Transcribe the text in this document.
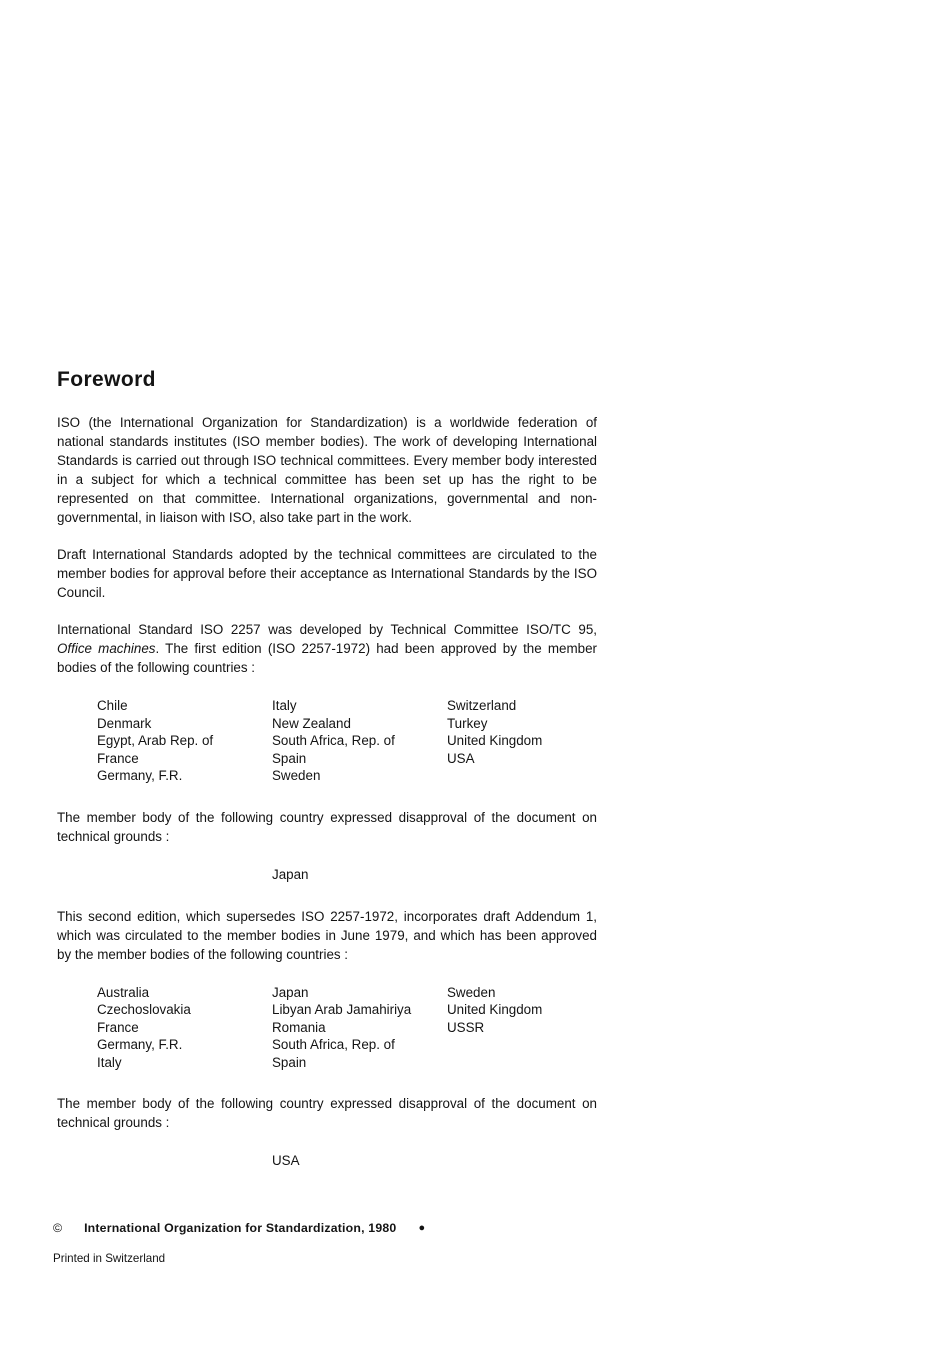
Foreword

ISO (the International Organization for Standardization) is a worldwide federation of national standards institutes (ISO member bodies). The work of developing International Standards is carried out through ISO technical committees. Every member body interested in a subject for which a technical committee has been set up has the right to be represented on that committee. International organizations, governmental and non-governmental, in liaison with ISO, also take part in the work.

Draft International Standards adopted by the technical committees are circulated to the member bodies for approval before their acceptance as International Standards by the ISO Council.

International Standard ISO 2257 was developed by Technical Committee ISO/TC 95, Office machines. The first edition (ISO 2257-1972) had been approved by the member bodies of the following countries :

Chile
Denmark
Egypt, Arab Rep. of
France
Germany, F.R.
Italy
New Zealand
South Africa, Rep. of
Spain
Sweden
Switzerland
Turkey
United Kingdom
USA

The member body of the following country expressed disapproval of the document on technical grounds :

Japan

This second edition, which supersedes ISO 2257-1972, incorporates draft Addendum 1, which was circulated to the member bodies in June 1979, and which has been approved by the member bodies of the following countries :

Australia
Czechoslovakia
France
Germany, F.R.
Italy
Japan
Libyan Arab Jamahiriya
Romania
South Africa, Rep. of
Spain
Sweden
United Kingdom
USSR

The member body of the following country expressed disapproval of the document on technical grounds :

USA
© International Organization for Standardization, 1980 ●
Printed in Switzerland
